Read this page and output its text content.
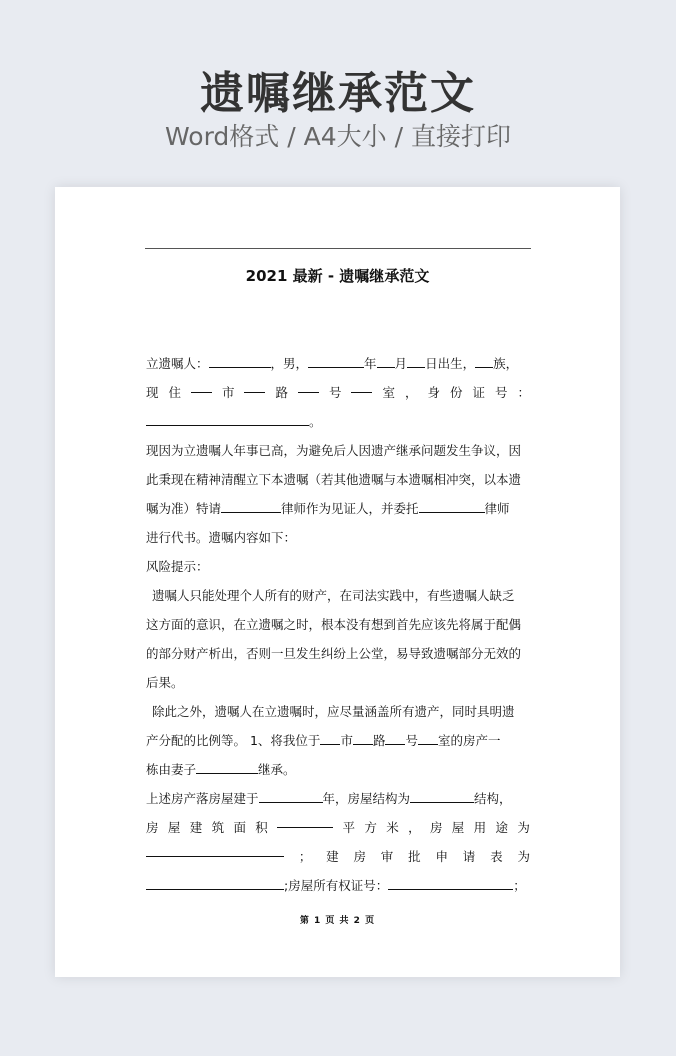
遗嘱继承范文
Word格式 / A4大小 / 直接打印
2021 最新 - 遗嘱继承范文
立遗嘱人：	，男，	年 月 日出生， 族，
现 住	市	路	号	室 ， 身 份 证 号 ：
。
现因为立遗嘱人年事已高，为避免后人因遗产继承问题发生争议，因
此秉现在精神清醒立下本遗嘱（若其他遗嘱与本遗嘱相冲突，以本遗
嘱为准）特请	律师作为见证人，并委托	律师
进行代书。遗嘱内容如下：
风险提示：
遗嘱人只能处理个人所有的财产，在司法实践中，有些遗嘱人缺乏
这方面的意识，在立遗嘱之时，根本没有想到首先应该先将属于配偶
的部分财产析出，否则一旦发生纠纷上公堂，易导致遗嘱部分无效的
后果。
除此之外，遗嘱人在立遗嘱时，应尽量涵盖所有遗产，同时具明遗
产分配的比例等。 1、将我位于 市 路 号 室的房产一
栋由妻子	继承。
上述房产落房屋建于	年，房屋结构为	结构，
房 屋 建 筑 面 积	平 方 米 ， 房 屋 用 途 为
； 建 房 审 批 申 请 表 为
;房屋所有权证号：	；
第 1 页 共 2 页
